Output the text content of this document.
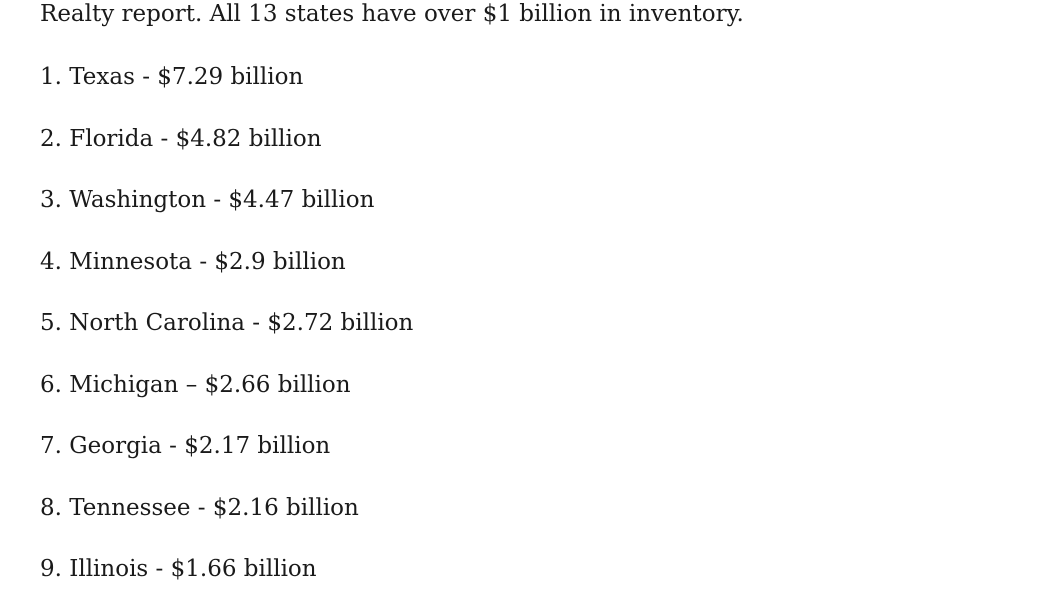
Realty report. All 13 states have over $1 billion in inventory.

1. Texas - $7.29 billion
2. Florida - $4.82 billion
3. Washington - $4.47 billion
4. Minnesota - $2.9 billion
5. North Carolina - $2.72 billion
6. Michigan – $2.66 billion
7. Georgia - $2.17 billion
8. Tennessee - $2.16 billion
9. Illinois - $1.66 billion
